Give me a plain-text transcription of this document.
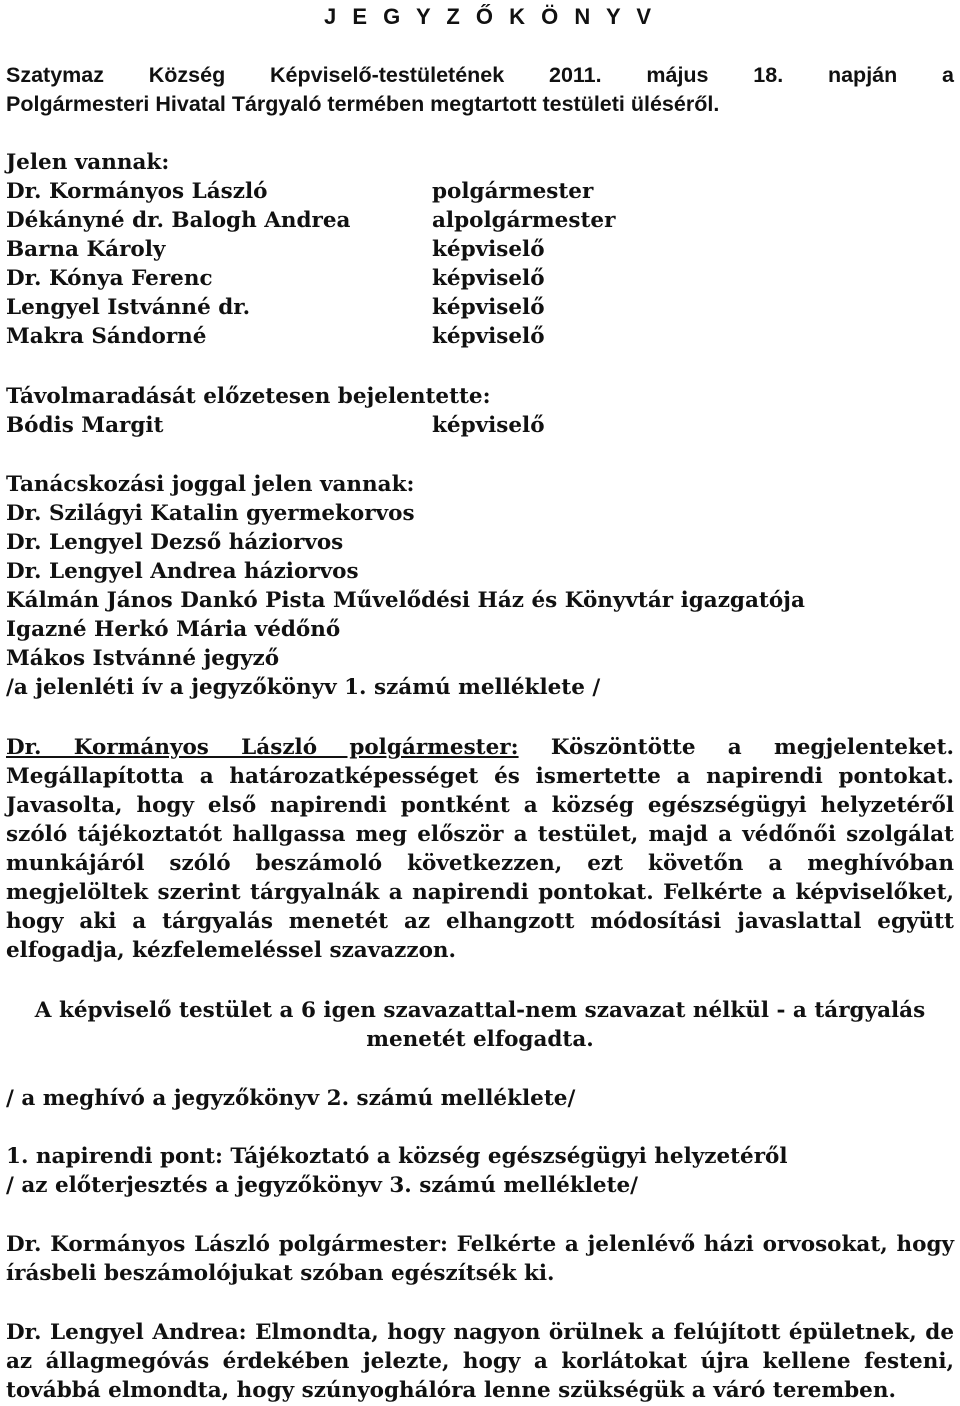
J E G Y Z Ő K Ö N Y V
Szatymaz Község Képviselő-testületének 2011. május 18. napján a
Polgármesteri Hivatal Tárgyaló termében megtartott testületi üléséről.
Jelen vannak:
Dr. Kormányos László	polgármester
Dékányné dr. Balogh Andrea	alpolgármester
Barna Károly	képviselő
Dr. Kónya Ferenc	képviselő
Lengyel Istvánné dr.	képviselő
Makra Sándorné	képviselő
Távolmaradását előzetesen bejelentette:
Bódis Margit	képviselő
Tanácskozási joggal jelen vannak:
Dr. Szilágyi Katalin gyermekorvos
Dr. Lengyel Dezső háziorvos
Dr. Lengyel Andrea háziorvos
Kálmán János Dankó Pista Művelődési Ház és Könyvtár igazgatója
Igazné Herkó Mária védőnő
Mákos Istvánné jegyző
/a jelenléti ív a jegyzőkönyv 1. számú melléklete /
Dr. Kormányos László polgármester: Köszöntötte a megjelenteket.
Megállapította a határozatképességet és ismertette a napirendi pontokat.
Javasolta, hogy első napirendi pontként a község egészségügyi helyzetéről
szóló tájékoztatót hallgassa meg először a testület, majd a védőnői szolgálat
munkájáról szóló beszámoló következzen, ezt követőn a meghívóban
megjelöltek szerint tárgyalnák a napirendi pontokat. Felkérte a képviselőket,
hogy aki a tárgyalás menetét az elhangzott módosítási javaslattal együtt
elfogadja, kézfelemeléssel szavazzon.
A képviselő testület a 6 igen szavazattal-nem szavazat nélkül - a tárgyalás
menetét elfogadta.
/ a meghívó a jegyzőkönyv 2. számú melléklete/
1. napirendi pont: Tájékoztató a község egészségügyi helyzetéről
/ az előterjesztés a jegyzőkönyv 3. számú melléklete/
Dr. Kormányos László polgármester: Felkérte a jelenlévő házi orvosokat, hogy
írásbeli beszámolójukat szóban egészítsék ki.
Dr. Lengyel Andrea: Elmondta, hogy nagyon örülnek a felújított épületnek, de
az állagmegóvás érdekében jelezte, hogy a korlátokat újra kellene festeni,
továbbá elmondta, hogy szúnyoghálóra lenne szükségük a váró teremben.
